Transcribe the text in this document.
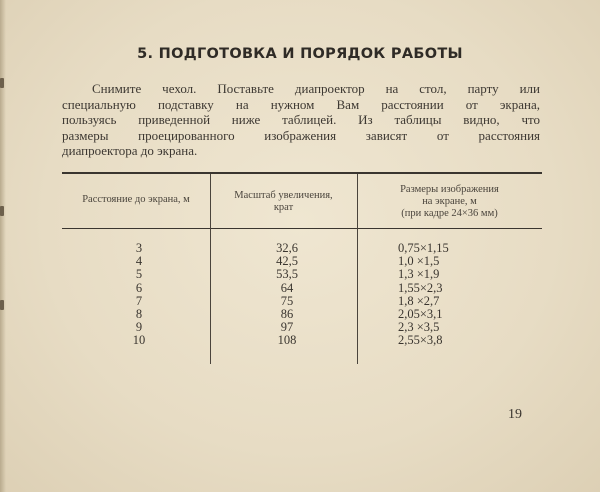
5. ПОДГОТОВКА И ПОРЯДОК РАБОТЫ
Снимите чехол. Поставьте диапроектор на стол, парту или
специальную подставку на нужном Вам расстоянии от экрана,
пользуясь приведенной ниже таблицей. Из таблицы видно, что
размеры проецированного изображения зависят от расстояния
диапроектора до экрана.
Расстояние до экрана, м	Масштаб увеличения,
крат
Размеры изображения
на экране, м
(при кадре 24×36 мм)
3
4
5
6
7
8
9
10
32,6
42,5
53,5
64
75
86
97
108
0,75×1,15
1,0 ×1,5
1,3 ×1,9
1,55×2,3
1,8 ×2,7
2,05×3,1
2,3 ×3,5
2,55×3,8
19
